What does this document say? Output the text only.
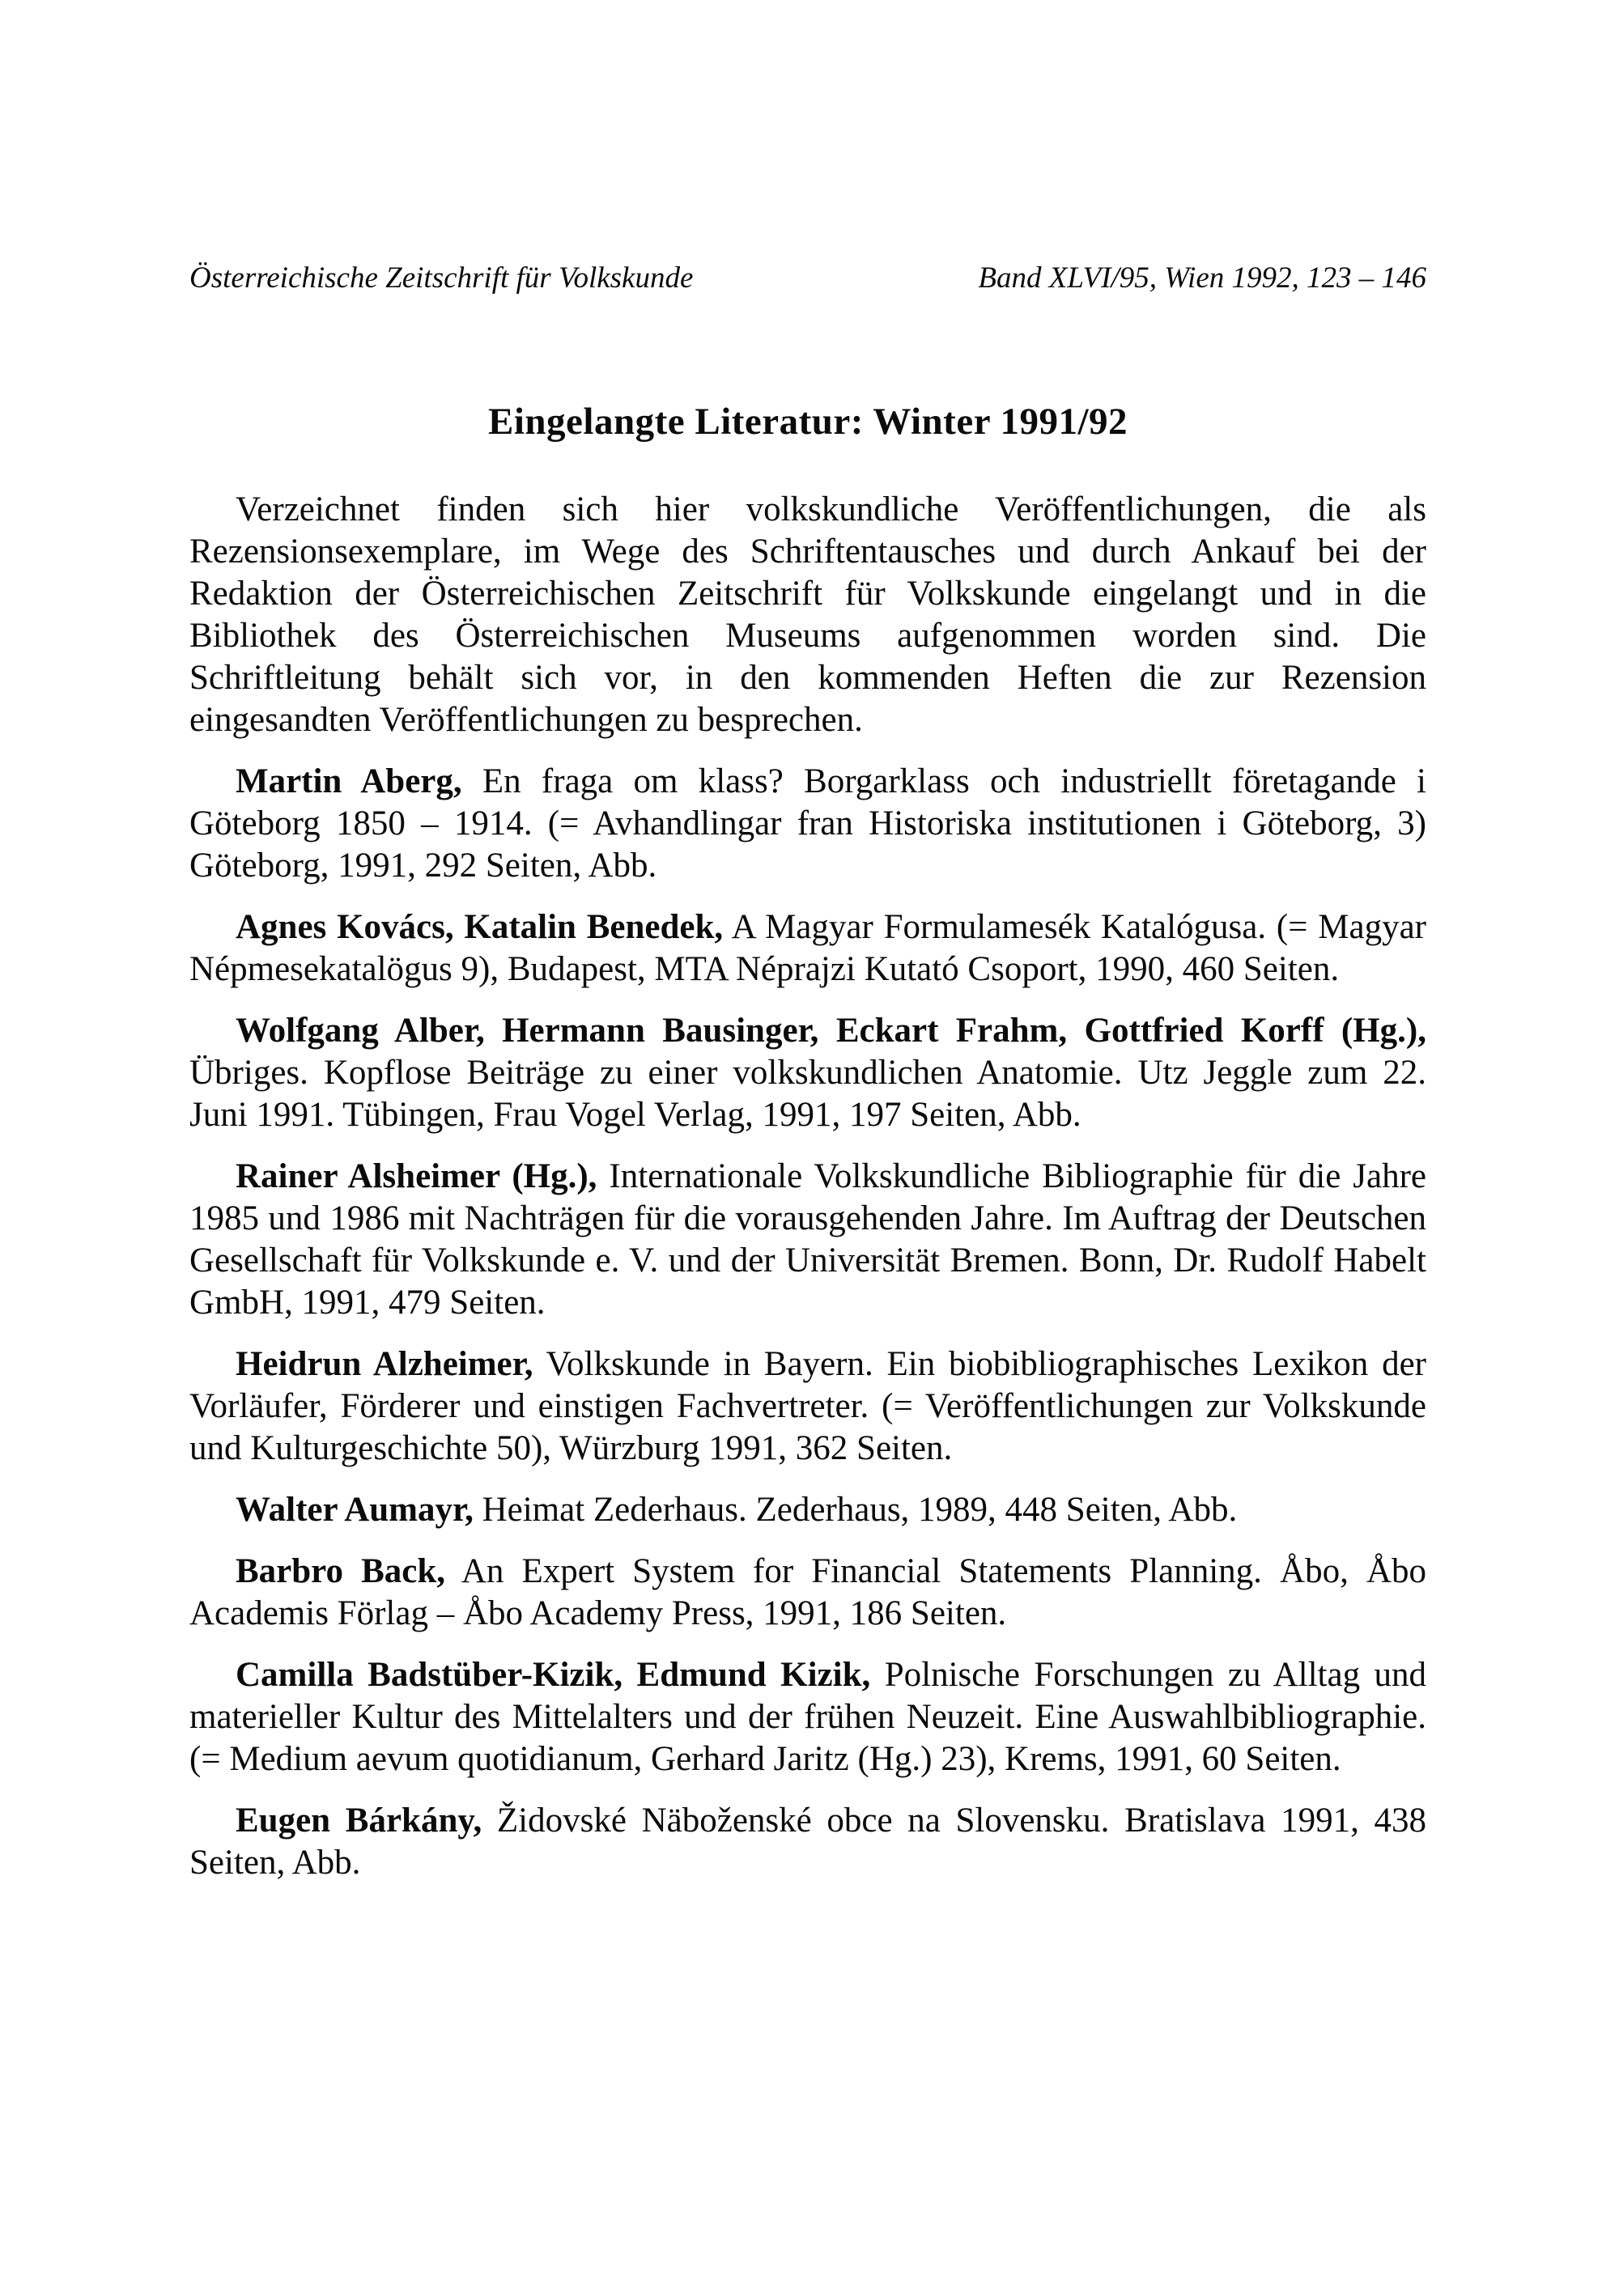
Österreichische Zeitschrift für Volkskunde	Band XLVI/95, Wien 1992, 123 – 146
Eingelangte Literatur: Winter 1991/92

Verzeichnet finden sich hier volkskundliche Veröffentlichungen, die als Rezensionsexemplare, im Wege des Schriftentausches und durch Ankauf bei der Redaktion der Österreichischen Zeitschrift für Volkskunde eingelangt und in die Bibliothek des Österreichischen Museums aufgenommen worden sind. Die Schriftleitung behält sich vor, in den kommenden Heften die zur Rezension eingesandten Veröffentlichungen zu besprechen.

Martin Aberg, En fraga om klass? Borgarklass och industriellt företagande i Göteborg 1850 – 1914. (= Avhandlingar fran Historiska institutionen i Göteborg, 3) Göteborg, 1991, 292 Seiten, Abb.

Agnes Kovács, Katalin Benedek, A Magyar Formulamesék Katalógusa. (= Magyar Népmesekatalögus 9), Budapest, MTA Néprajzi Kutató Csoport, 1990, 460 Seiten.

Wolfgang Alber, Hermann Bausinger, Eckart Frahm, Gottfried Korff (Hg.), Übriges. Kopflose Beiträge zu einer volkskundlichen Anatomie. Utz Jeggle zum 22. Juni 1991. Tübingen, Frau Vogel Verlag, 1991, 197 Seiten, Abb.

Rainer Alsheimer (Hg.), Internationale Volkskundliche Bibliographie für die Jahre 1985 und 1986 mit Nachträgen für die vorausgehenden Jahre. Im Auftrag der Deutschen Gesellschaft für Volkskunde e. V. und der Universität Bremen. Bonn, Dr. Rudolf Habelt GmbH, 1991, 479 Seiten.

Heidrun Alzheimer, Volkskunde in Bayern. Ein biobibliographisches Lexikon der Vorläufer, Förderer und einstigen Fachvertreter. (= Veröffentlichungen zur Volkskunde und Kulturgeschichte 50), Würzburg 1991, 362 Seiten.

Walter Aumayr, Heimat Zederhaus. Zederhaus, 1989, 448 Seiten, Abb.

Barbro Back, An Expert System for Financial Statements Planning. Åbo, Åbo Academis Förlag – Åbo Academy Press, 1991, 186 Seiten.

Camilla Badstüber-Kizik, Edmund Kizik, Polnische Forschungen zu Alltag und materieller Kultur des Mittelalters und der frühen Neuzeit. Eine Auswahlbibliographie. (= Medium aevum quotidianum, Gerhard Jaritz (Hg.) 23), Krems, 1991, 60 Seiten.

Eugen Bárkány, Židovské Näboženské obce na Slovensku. Bratislava 1991, 438 Seiten, Abb.
